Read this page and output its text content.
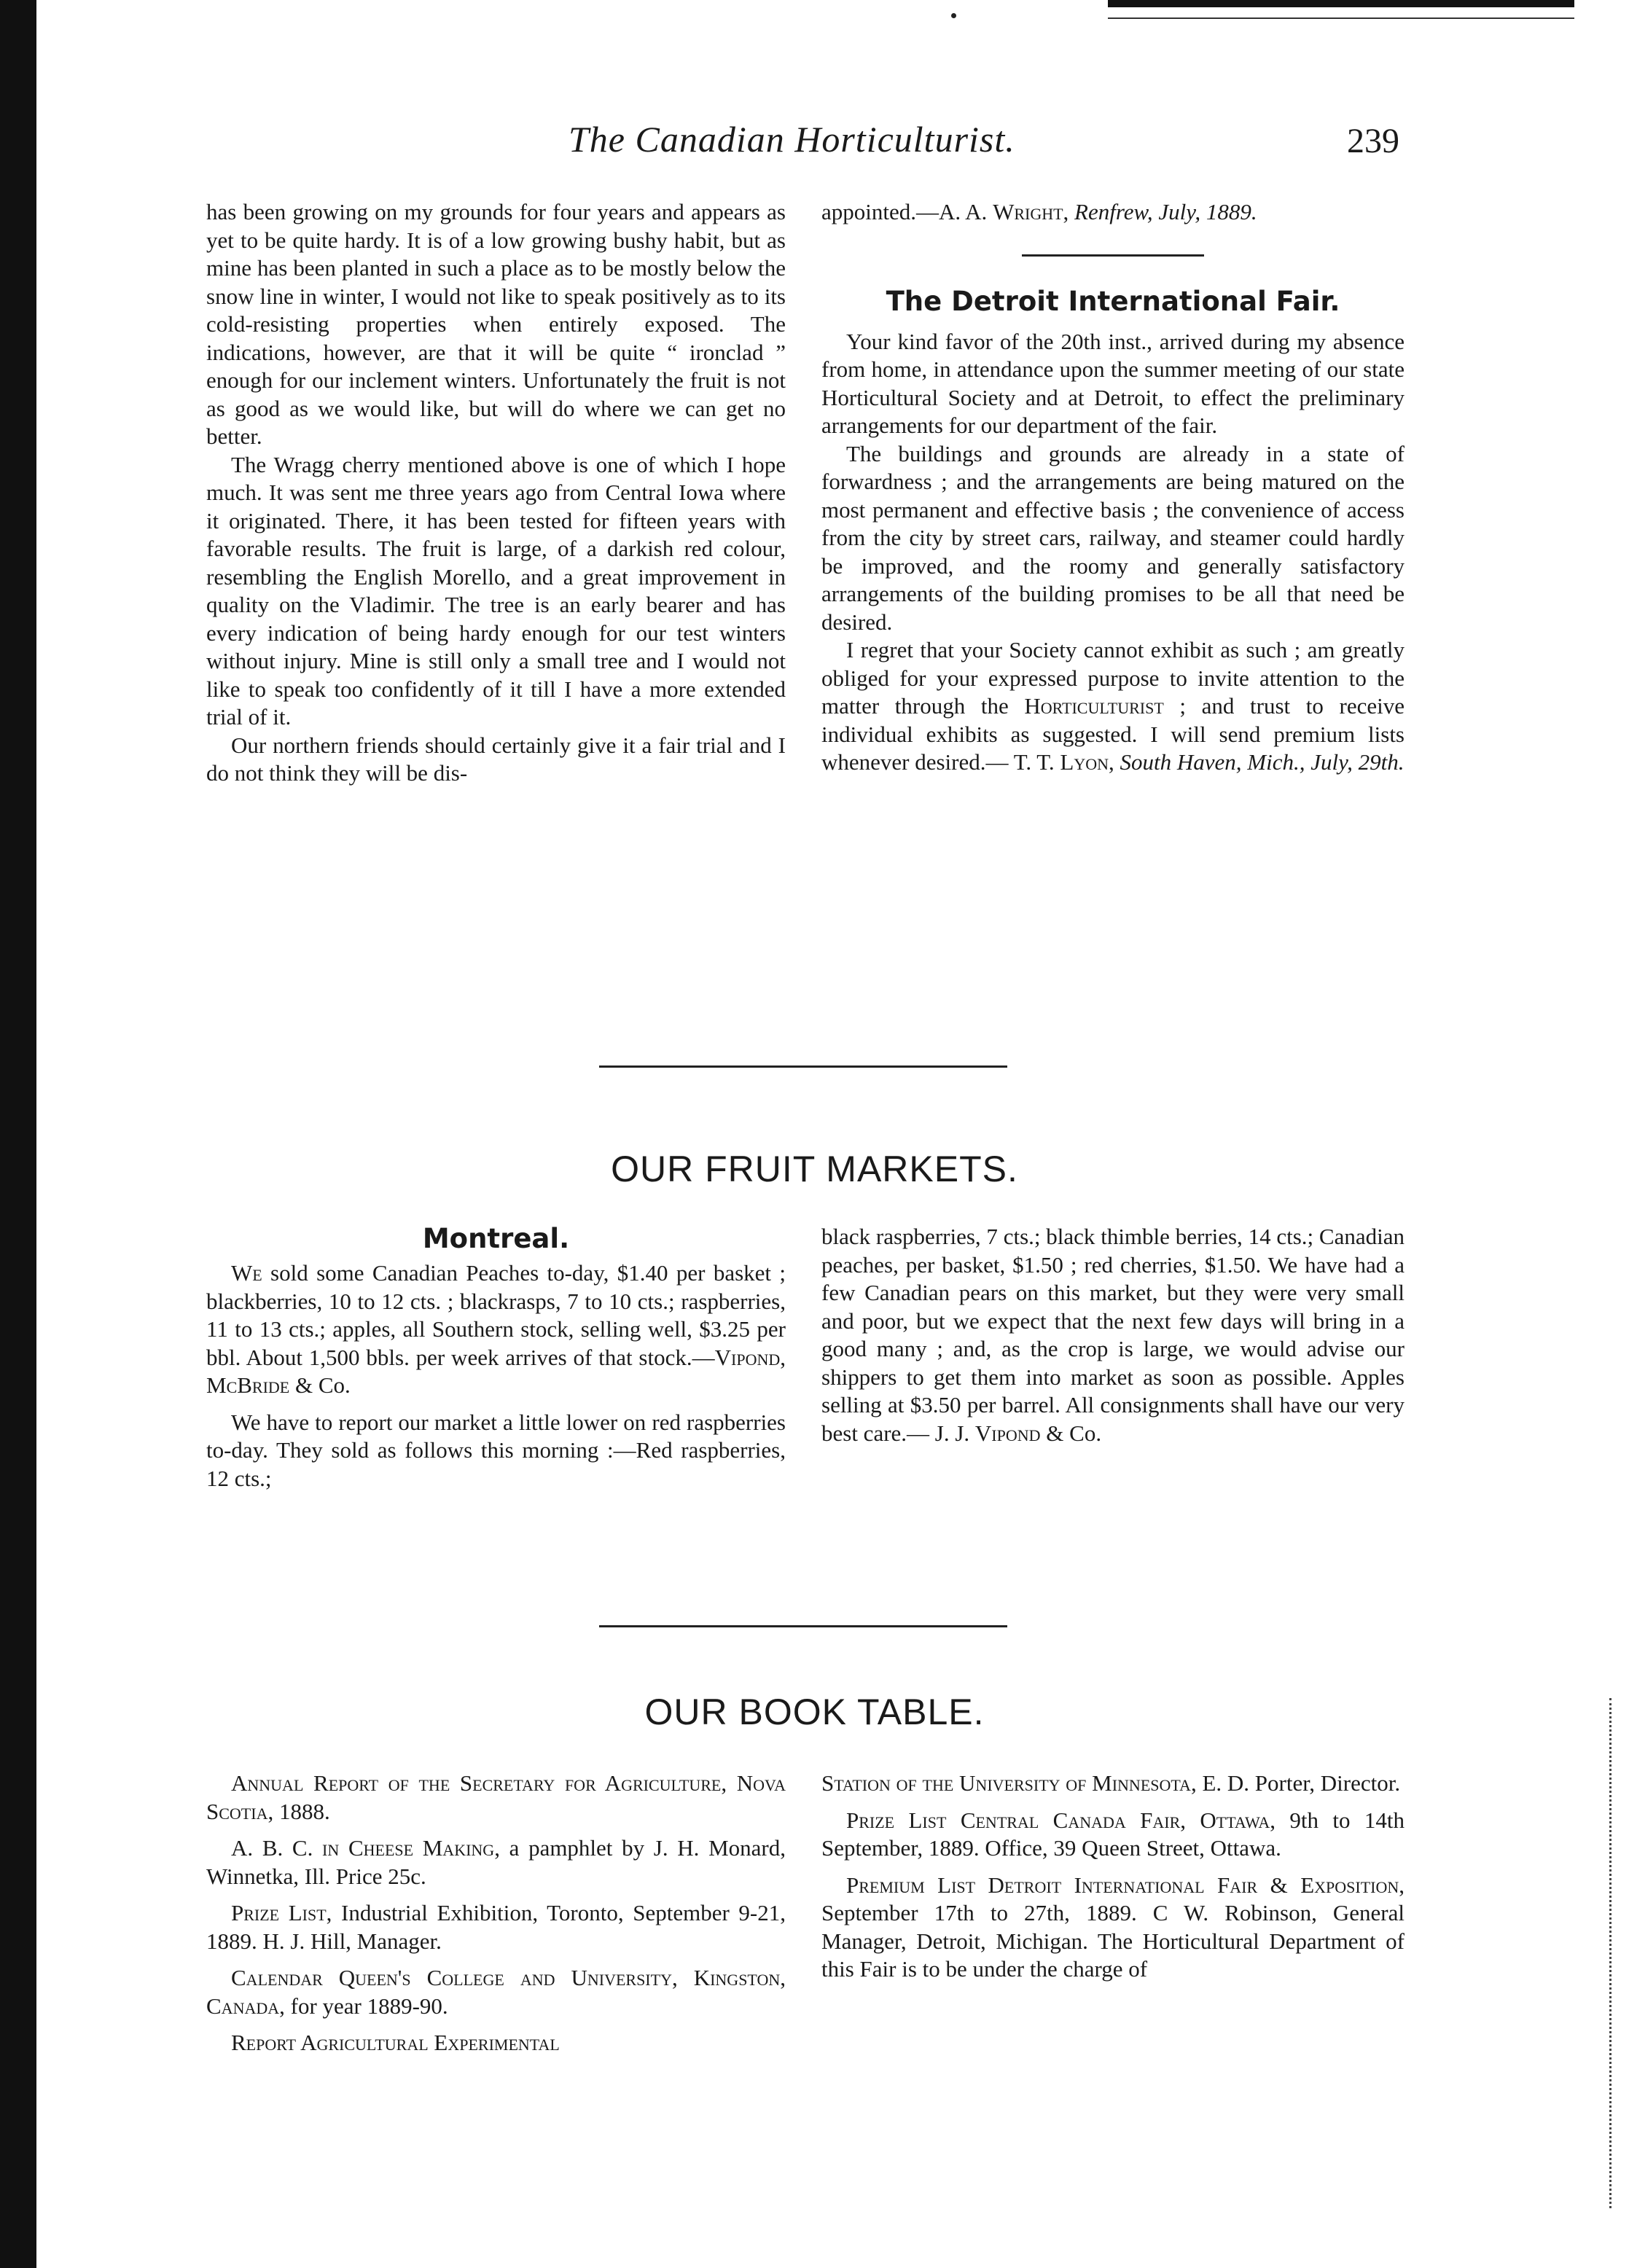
The Canadian Horticulturist.	239

has been growing on my grounds for four years and appears as yet to be quite hardy. It is of a low growing bushy habit, but as mine has been planted in such a place as to be mostly below the snow line in winter, I would not like to speak positively as to its cold-resisting properties when entirely exposed. The indications, however, are that it will be quite “ ironclad ” enough for our inclement winters. Unfortunately the fruit is not as good as we would like, but will do where we can get no better.

The Wragg cherry mentioned above is one of which I hope much. It was sent me three years ago from Central Iowa where it originated. There, it has been tested for fifteen years with favorable results. The fruit is large, of a darkish red colour, resembling the English Morello, and a great improvement in quality on the Vladimir. The tree is an early bearer and has every indication of being hardy enough for our test winters without injury. Mine is still only a small tree and I would not like to speak too confidently of it till I have a more extended trial of it.

Our northern friends should certainly give it a fair trial and I do not think they will be dis-

appointed.—A. A. Wright, Renfrew, July, 1889.

The Detroit International Fair.

Your kind favor of the 20th inst., arrived during my absence from home, in attendance upon the summer meeting of our state Horticultural Society and at Detroit, to effect the preliminary arrangements for our department of the fair.

The buildings and grounds are already in a state of forwardness ; and the arrangements are being matured on the most permanent and effective basis ; the convenience of access from the city by street cars, railway, and steamer could hardly be improved, and the roomy and generally satisfactory arrangements of the building promises to be all that need be desired.

I regret that your Society cannot exhibit as such ; am greatly obliged for your expressed purpose to invite attention to the matter through the Horticulturist ; and trust to receive individual exhibits as suggested. I will send premium lists whenever desired.— T. T. Lyon, South Haven, Mich., July, 29th.

OUR FRUIT MARKETS.
Montreal.

We sold some Canadian Peaches to-day, $1.40 per basket ; blackberries, 10 to 12 cts. ; blackrasps, 7 to 10 cts.; raspberries, 11 to 13 cts.; apples, all Southern stock, selling well, $3.25 per bbl. About 1,500 bbls. per week arrives of that stock.—Vipond, McBride & Co.

We have to report our market a little lower on red raspberries to-day. They sold as follows this morning :—Red raspberries, 12 cts.;

black raspberries, 7 cts.; black thimble berries, 14 cts.; Canadian peaches, per basket, $1.50 ; red cherries, $1.50. We have had a few Canadian pears on this market, but they were very small and poor, but we expect that the next few days will bring in a good many ; and, as the crop is large, we would advise our shippers to get them into market as soon as possible. Apples selling at $3.50 per barrel. All consignments shall have our very best care.— J. J. Vipond & Co.

OUR BOOK TABLE.

Annual Report of the Secretary for Agriculture, Nova Scotia, 1888.

A. B. C. in Cheese Making, a pamphlet by J. H. Monard, Winnetka, Ill. Price 25c.

Prize List, Industrial Exhibition, Toronto, September 9-21, 1889. H. J. Hill, Manager.

Calendar Queen's College and University, Kingston, Canada, for year 1889-90.

Report Agricultural Experimental

Station of the University of Minnesota, E. D. Porter, Director.

Prize List Central Canada Fair, Ottawa, 9th to 14th September, 1889. Office, 39 Queen Street, Ottawa.

Premium List Detroit International Fair & Exposition, September 17th to 27th, 1889. C W. Robinson, General Manager, Detroit, Michigan. The Horticultural Department of this Fair is to be under the charge of
